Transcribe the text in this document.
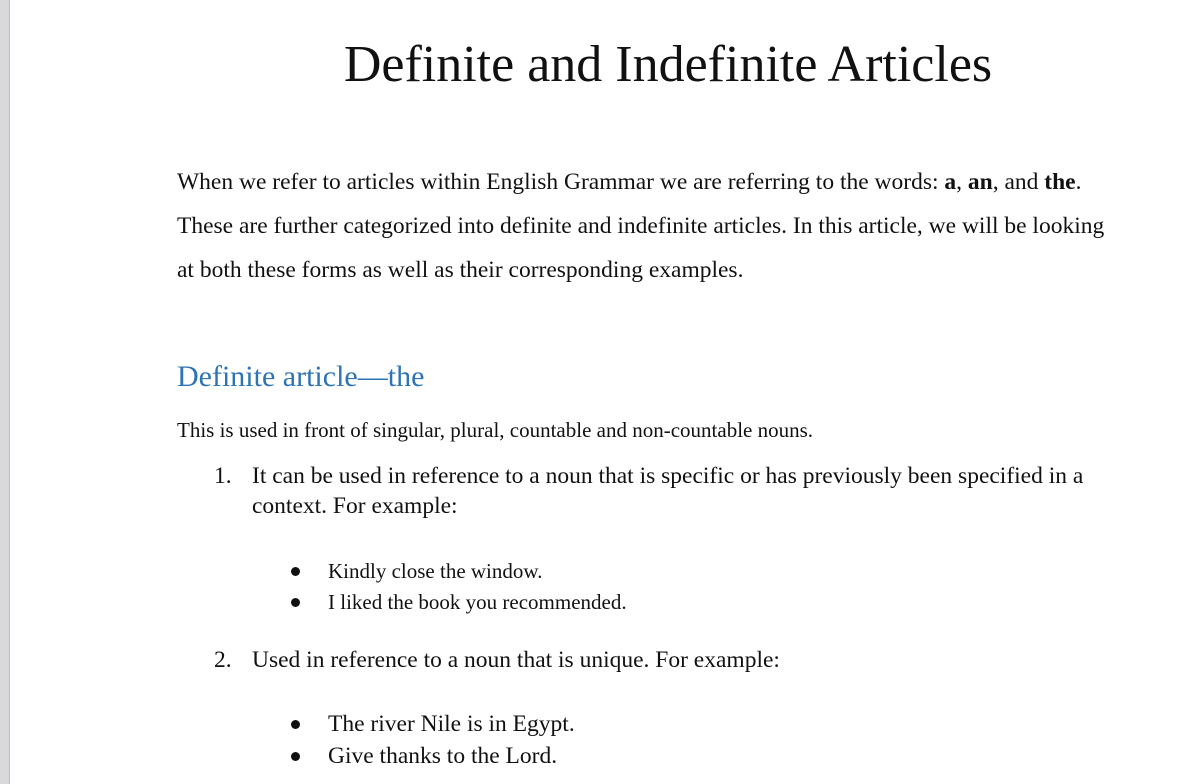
Definite and Indefinite Articles

When we refer to articles within English Grammar we are referring to the words: a, an, and the.
These are further categorized into definite and indefinite articles. In this article, we will be looking
at both these forms as well as their corresponding examples.

Definite article—the

This is used in front of singular, plural, countable and non-countable nouns.

1. It can be used in reference to a noun that is specific or has previously been specified in a
context. For example:
Kindly close the window.
I liked the book you recommended.
2. Used in reference to a noun that is unique. For example:
The river Nile is in Egypt.
Give thanks to the Lord.
